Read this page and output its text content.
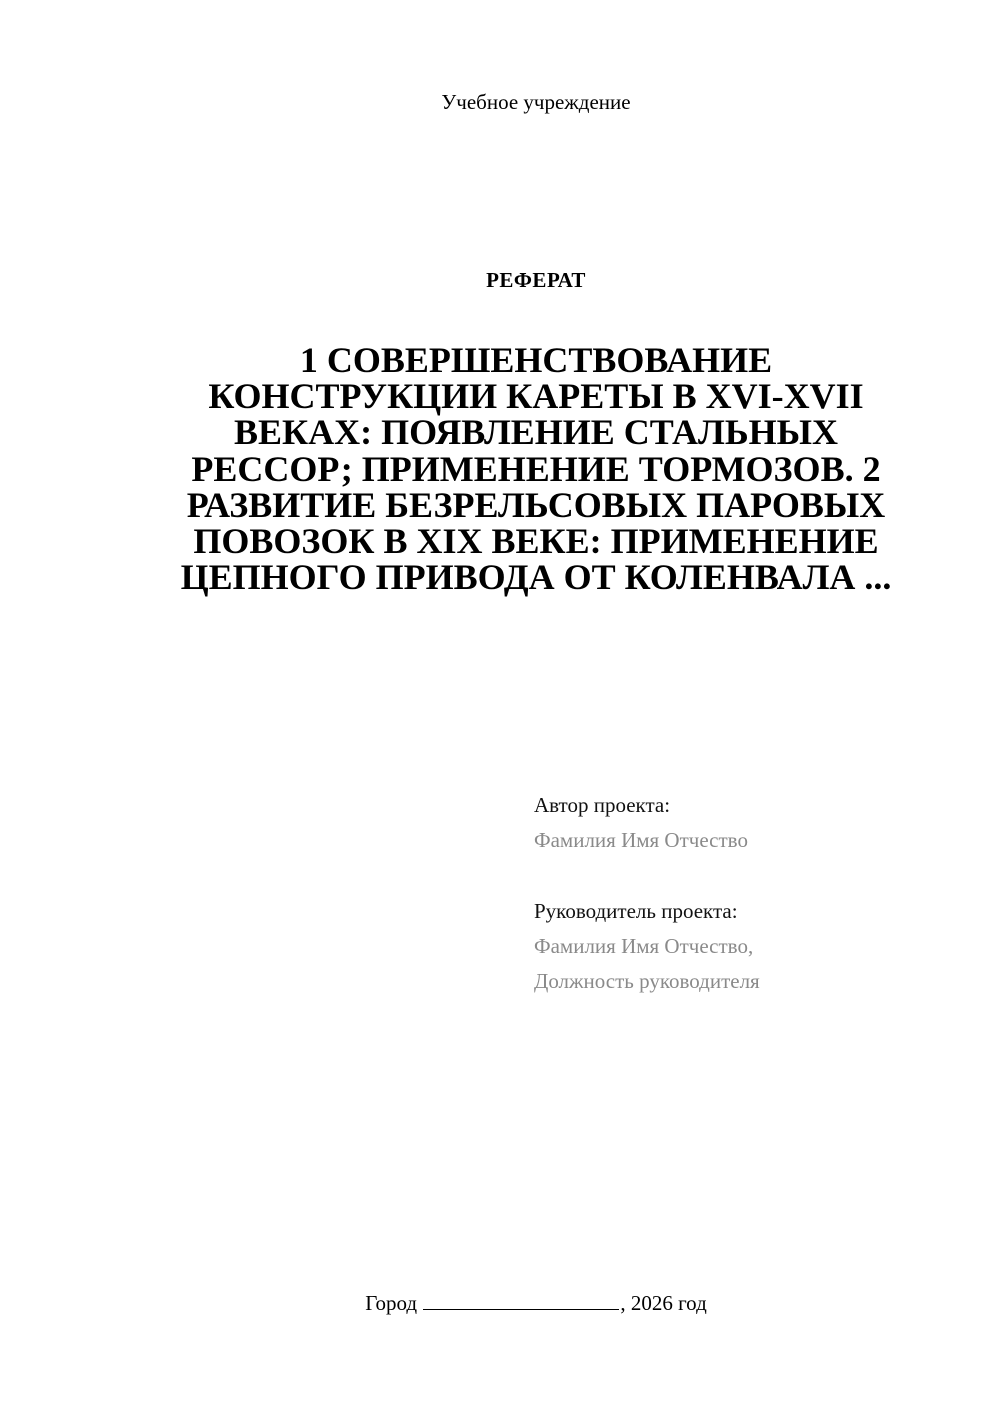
Учебное учреждение
РЕФЕРАТ
1 СОВЕРШЕНСТВОВАНИЕ
КОНСТРУКЦИИ КАРЕТЫ В XVI-XVII
ВЕКАХ: ПОЯВЛЕНИЕ СТАЛЬНЫХ
РЕССОР; ПРИМЕНЕНИЕ ТОРМОЗОВ. 2
РАЗВИТИЕ БЕЗРЕЛЬСОВЫХ ПАРОВЫХ
ПОВОЗОК В XIX ВЕКЕ: ПРИМЕНЕНИЕ
ЦЕПНОГО ПРИВОДА ОТ КОЛЕНВАЛА ...
Автор проекта:
Фамилия Имя Отчество
Руководитель проекта:
Фамилия Имя Отчество,
Должность руководителя
Город	, 2026 год
